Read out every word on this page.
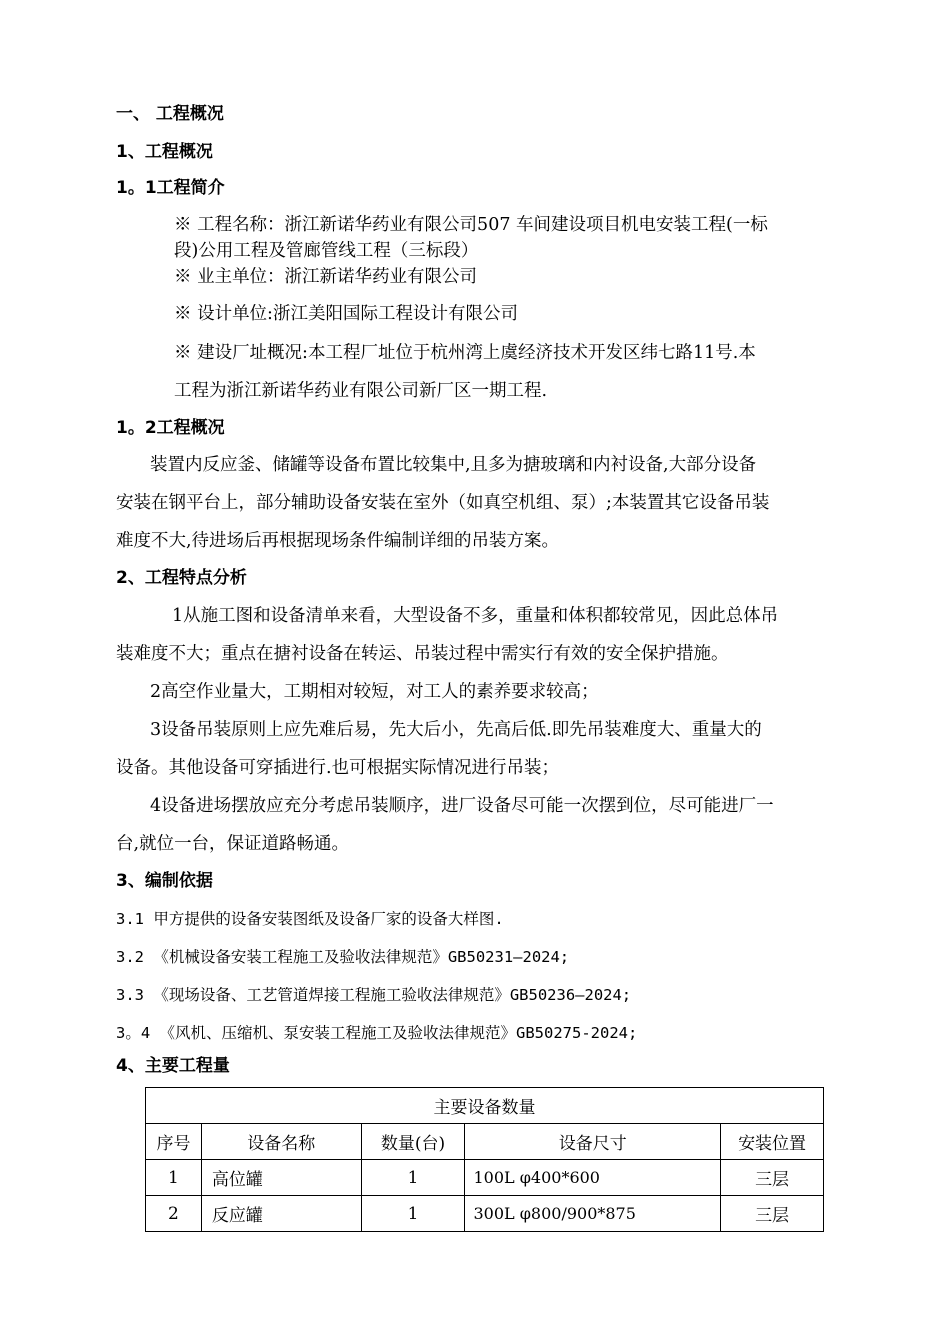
一、 工程概况
1、工程概况
1。1工程简介
※ 工程名称：浙江新诺华药业有限公司507 车间建设项目机电安装工程(一标
段)公用工程及管廊管线工程（三标段）
※ 业主单位：浙江新诺华药业有限公司
※ 设计单位:浙江美阳国际工程设计有限公司
※ 建设厂址概况:本工程厂址位于杭州湾上虞经济技术开发区纬七路11号.本
工程为浙江新诺华药业有限公司新厂区一期工程.
1。2工程概况
装置内反应釜、储罐等设备布置比较集中,且多为搪玻璃和内衬设备,大部分设备
安装在钢平台上，部分辅助设备安装在室外（如真空机组、泵）;本装置其它设备吊装
难度不大,待进场后再根据现场条件编制详细的吊装方案。
2、工程特点分析
1从施工图和设备清单来看，大型设备不多，重量和体积都较常见，因此总体吊
装难度不大；重点在搪衬设备在转运、吊装过程中需实行有效的安全保护措施。
2高空作业量大，工期相对较短，对工人的素养要求较高；
3设备吊装原则上应先难后易，先大后小，先高后低.即先吊装难度大、重量大的
设备。其他设备可穿插进行.也可根据实际情况进行吊装；
4设备进场摆放应充分考虑吊装顺序，进厂设备尽可能一次摆到位，尽可能进厂一
台,就位一台，保证道路畅通。
3、编制依据
3.1 甲方提供的设备安装图纸及设备厂家的设备大样图.
3.2 《机械设备安装工程施工及验收法律规范》GB50231—2024;
3.3 《现场设备、工艺管道焊接工程施工验收法律规范》GB50236—2024;
3。4 《风机、压缩机、泵安装工程施工及验收法律规范》GB50275-2024;
4、主要工程量
主要设备数量				
序号	设备名称	数量(台)	设备尺寸	安装位置
1	高位罐	1	100L φ400*600	三层
2	反应罐	1	300L φ800/900*875	三层
